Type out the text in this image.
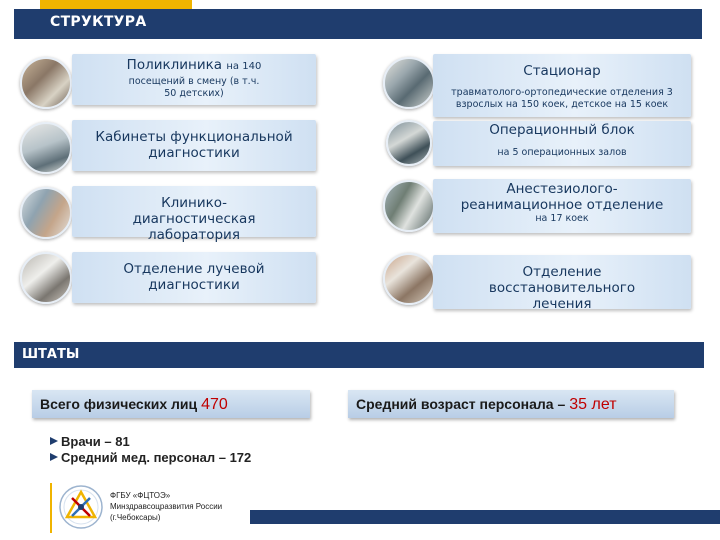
СТРУКТУРА
Поликлиника на 140
посещений в смену (в т.ч. 50 детских)
Кабинеты функциональной диагностики
Клинико-диагностическая лаборатория
Отделение лучевой диагностики
Стационар
травматолого-ортопедические отделения 3 взрослых на 150 коек, детское на 15 коек
Операционный блок
на 5 операционных залов
Анестезиолого-реанимационное отделение
на 17 коек
Отделение восстановительного лечения
ШТАТЫ
Всего физических лиц 470	Средний возраст персонала – 35 лет
Врачи – 81
Средний мед. персонал – 172
ФГБУ «ФЦТОЭ»
Минздравсоцразвития России
(г.Чебоксары)
